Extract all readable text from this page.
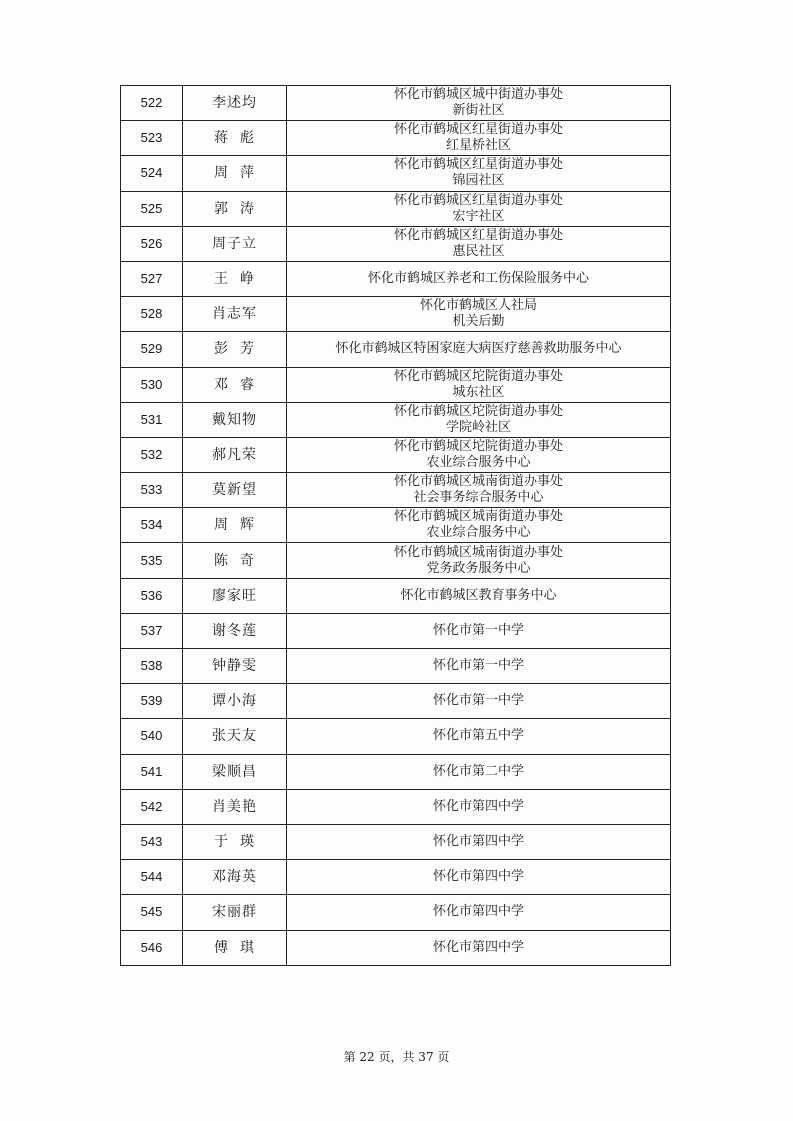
522	李述均	怀化市鹤城区城中街道办事处
新街社区

523	蒋  彪	怀化市鹤城区红星街道办事处
红星桥社区

524	周  萍	怀化市鹤城区红星街道办事处
锦园社区

525	郭  涛	怀化市鹤城区红星街道办事处
宏宇社区

526	周子立	怀化市鹤城区红星街道办事处
惠民社区

527	王  峥	怀化市鹤城区养老和工伤保险服务中心

528	肖志军	怀化市鹤城区人社局
机关后勤

529	彭  芳	怀化市鹤城区特困家庭大病医疗慈善救助服务中心

530	邓  睿	怀化市鹤城区坨院街道办事处
城东社区

531	戴知物	怀化市鹤城区坨院街道办事处
学院岭社区

532	郝凡荣	怀化市鹤城区坨院街道办事处
农业综合服务中心

533	莫新望	怀化市鹤城区城南街道办事处
社会事务综合服务中心

534	周  辉	怀化市鹤城区城南街道办事处
农业综合服务中心

535	陈  奇	怀化市鹤城区城南街道办事处
党务政务服务中心

536	廖家旺	怀化市鹤城区教育事务中心

537	谢冬莲	怀化市第一中学

538	钟静雯	怀化市第一中学

539	谭小海	怀化市第一中学

540	张天友	怀化市第五中学

541	梁顺昌	怀化市第二中学

542	肖美艳	怀化市第四中学

543	于  瑛	怀化市第四中学

544	邓海英	怀化市第四中学

545	宋丽群	怀化市第四中学

546	傅  琪	怀化市第四中学
第 22 页，共 37 页
